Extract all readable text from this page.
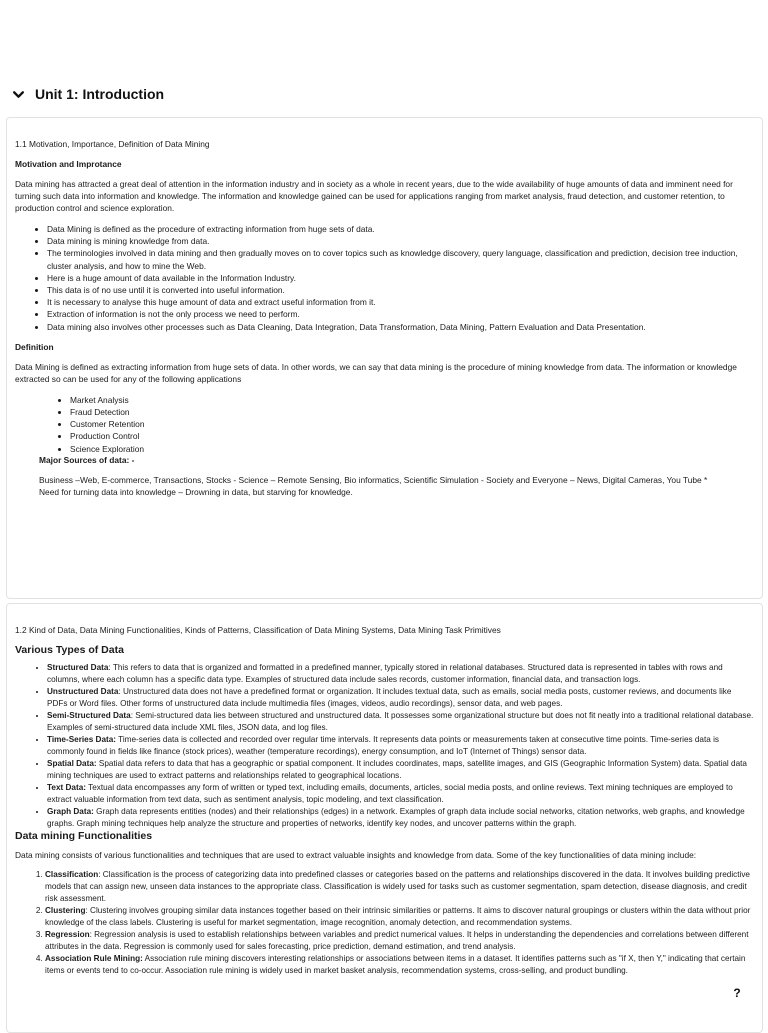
Unit 1: Introduction

1.1 Motivation, Importance, Definition of Data Mining

Motivation and Improtance

Data mining has attracted a great deal of attention in the information industry and in society as a whole in recent years, due to the wide availability of huge amounts of data and imminent need for turning such data into information and knowledge. The information and knowledge gained can be used for applications ranging from market analysis, fraud detection, and customer retention, to production control and science exploration.

• Data Mining is defined as the procedure of extracting information from huge sets of data.
• Data mining is mining knowledge from data.
• The terminologies involved in data mining and then gradually moves on to cover topics such as knowledge discovery, query language, classification and prediction, decision tree induction, cluster analysis, and how to mine the Web.
• Here is a huge amount of data available in the Information Industry.
• This data is of no use until it is converted into useful information.
• It is necessary to analyse this huge amount of data and extract useful information from it.
• Extraction of information is not the only process we need to perform.
• Data mining also involves other processes such as Data Cleaning, Data Integration, Data Transformation, Data Mining, Pattern Evaluation and Data Presentation.

Definition

Data Mining is defined as extracting information from huge sets of data. In other words, we can say that data mining is the procedure of mining knowledge from data. The information or knowledge extracted so can be used for any of the following applications

• Market Analysis
• Fraud Detection
• Customer Retention
• Production Control
• Science Exploration

Major Sources of data: -

Business –Web, E-commerce, Transactions, Stocks - Science – Remote Sensing, Bio informatics, Scientific Simulation - Society and Everyone – News, Digital Cameras, You Tube *

Need for turning data into knowledge – Drowning in data, but starving for knowledge.

1.2 Kind of Data, Data Mining Functionalities, Kinds of Patterns, Classification of Data Mining Systems, Data Mining Task Primitives

Various Types of Data

• Structured Data: This refers to data that is organized and formatted in a predefined manner, typically stored in relational databases. Structured data is represented in tables with rows and columns, where each column has a specific data type. Examples of structured data include sales records, customer information, financial data, and transaction logs.
• Unstructured Data: Unstructured data does not have a predefined format or organization. It includes textual data, such as emails, social media posts, customer reviews, and documents like PDFs or Word files. Other forms of unstructured data include multimedia files (images, videos, audio recordings), sensor data, and web pages.
• Semi-Structured Data: Semi-structured data lies between structured and unstructured data. It possesses some organizational structure but does not fit neatly into a traditional relational database. Examples of semi-structured data include XML files, JSON data, and log files.
• Time-Series Data: Time-series data is collected and recorded over regular time intervals. It represents data points or measurements taken at consecutive time points. Time-series data is commonly found in fields like finance (stock prices), weather (temperature recordings), energy consumption, and IoT (Internet of Things) sensor data.
• Spatial Data: Spatial data refers to data that has a geographic or spatial component. It includes coordinates, maps, satellite images, and GIS (Geographic Information System) data. Spatial data mining techniques are used to extract patterns and relationships related to geographical locations.
• Text Data: Textual data encompasses any form of written or typed text, including emails, documents, articles, social media posts, and online reviews. Text mining techniques are employed to extract valuable information from text data, such as sentiment analysis, topic modeling, and text classification.
• Graph Data: Graph data represents entities (nodes) and their relationships (edges) in a network. Examples of graph data include social networks, citation networks, web graphs, and knowledge graphs. Graph mining techniques help analyze the structure and properties of networks, identify key nodes, and uncover patterns within the graph.

Data mining Functionalities

Data mining consists of various functionalities and techniques that are used to extract valuable insights and knowledge from data. Some of the key functionalities of data mining include:

1. Classification: Classification is the process of categorizing data into predefined classes or categories based on the patterns and relationships discovered in the data. It involves building predictive models that can assign new, unseen data instances to the appropriate class. Classification is widely used for tasks such as customer segmentation, spam detection, disease diagnosis, and credit risk assessment.
2. Clustering: Clustering involves grouping similar data instances together based on their intrinsic similarities or patterns. It aims to discover natural groupings or clusters within the data without prior knowledge of the class labels. Clustering is useful for market segmentation, image recognition, anomaly detection, and recommendation systems.
3. Regression: Regression analysis is used to establish relationships between variables and predict numerical values. It helps in understanding the dependencies and correlations between different attributes in the data. Regression is commonly used for sales forecasting, price prediction, demand estimation, and trend analysis.
4. Association Rule Mining: Association rule mining discovers interesting relationships or associations between items in a dataset. It identifies patterns such as "if X, then Y," indicating that certain items or events tend to co-occur. Association rule mining is widely used in market basket analysis, recommendation systems, cross-selling, and product bundling.
?
